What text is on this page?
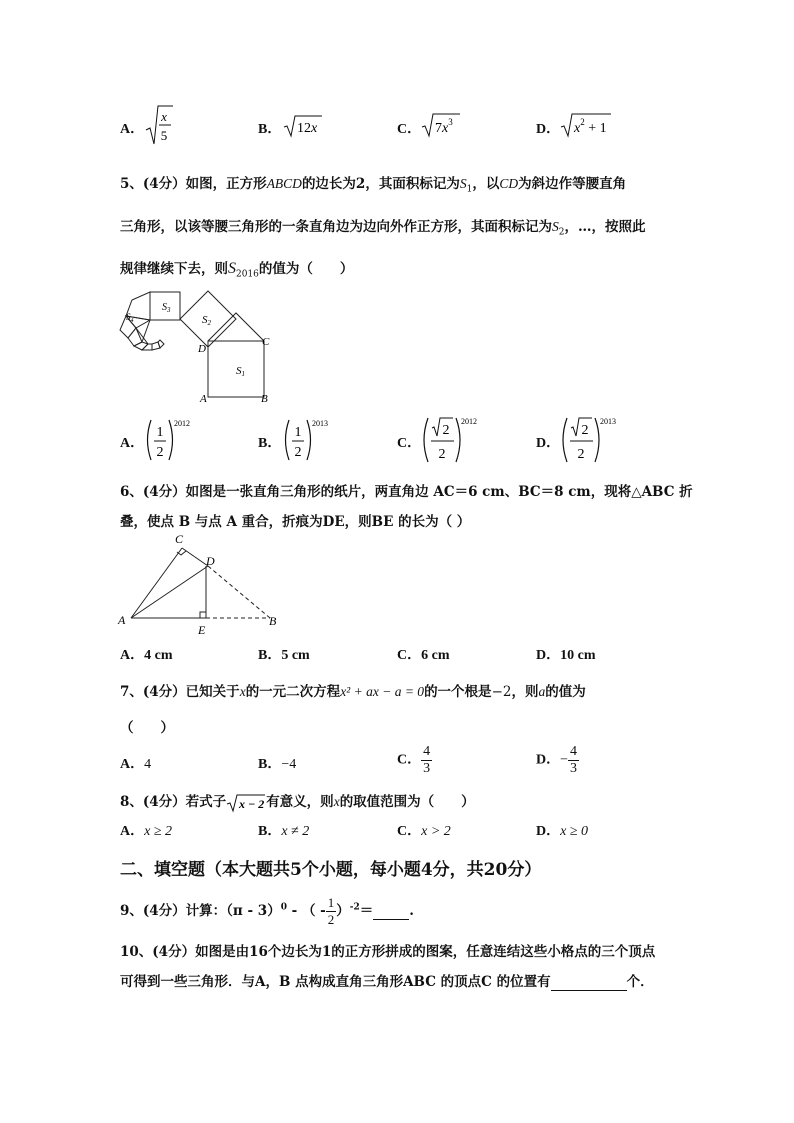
A．
x
5	B． 12x	C． $7x^3$	D． $x^2 + 1$
5、(4分）如图，正方形ABCD的边长为2，其面积标记为$S_1$，以CD为斜边作等腰直角
三角形，以该等腰三角形的一条直角边为边向外作正方形，其面积标记为$S_2$，…，按照此
规律继续下去，则$S_{2016}$的值为（　　）
S1
S2
$S_3$
$S_4$
D
C
A	B
A．
1
2
2012
B．
1
2
2013
C．
2
2
2012
D．
2
2
2013
6、(4分）如图是一张直角三角形的纸片，两直角边 AC＝6 cm、BC＝8 cm，现将△ABC 折
叠，使点 B 与点 A 重合，折痕为DE，则BE 的长为（ ）
C
D
A
E
B
A．4 cm	B．5 cm	C．6 cm	D．10 cm
7、(4分）已知关于x的一元二次方程x² + ax − a = 0的一个根是−2，则a的值为
（　　）
A．4	B．−4	C． $\frac{4}{3}$	D．− $\frac{4}{3}$
8、(4分）若式子 x − 2 有意义，则x的取值范围为（　　）
A．x ≥ 2	B．x ≠ 2	C．x > 2	D．x ≥ 0
二、填空题（本大题共5个小题，每小题4分，共20分）
9、(4分）计算：（π - 3）$^0$ - （ - $\frac{1}{2} )^{-2}=$	.
10、(4分）如图是由16个边长为1的正方形拼成的图案，任意连结这些小格点的三个顶点
可得到一些三角形．与A，B 点构成直角三角形ABC 的顶点C 的位置有	个．
